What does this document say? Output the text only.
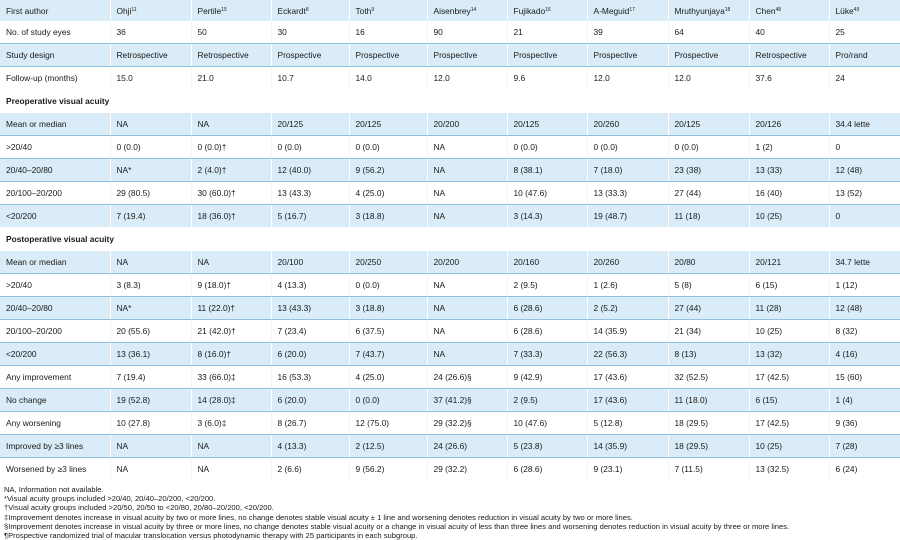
First author	Ohji$^{11}$	Pertile$^{15}$	Eckardt$^8$	Toth$^9$	Aisenbrey$^{14}$	Fujikado$^{16}$	A-Meguid$^{17}$	Mruthyunjaya$^{18}$	Chen$^{48}$	Lüke$^{49}$
No. of study eyes	36	50	30	16	90	21	39	64	40	25
Study design	Retrospective	Retrospective	Prospective	Prospective	Prospective	Prospective	Prospective	Prospective	Retrospective	Pro/rand
Follow-up (months)	15.0	21.0	10.7	14.0	12.0	9.6	12.0	12.0	37.6	24
Preoperative visual acuity										
Mean or median	NA	NA	20/125	20/125	20/200	20/125	20/260	20/125	20/126	34.4 lette
>20/40	0 (0.0)	0 (0.0)†	0 (0.0)	0 (0.0)	NA	0 (0.0)	0 (0.0)	0 (0.0)	1 (2)	0
20/40–20/80	NA*	2 (4.0)†	12 (40.0)	9 (56.2)	NA	8 (38.1)	7 (18.0)	23 (38)	13 (33)	12 (48)
20/100–20/200	29 (80.5)	30 (60.0)†	13 (43.3)	4 (25.0)	NA	10 (47.6)	13 (33.3)	27 (44)	16 (40)	13 (52)
<20/200	7 (19.4)	18 (36.0)†	5 (16.7)	3 (18.8)	NA	3 (14.3)	19 (48.7)	11 (18)	10 (25)	0
Postoperative visual acuity										
Mean or median	NA	NA	20/100	20/250	20/200	20/160	20/260	20/80	20/121	34.7 lette
>20/40	3 (8.3)	9 (18.0)†	4 (13.3)	0 (0.0)	NA	2 (9.5)	1 (2.6)	5 (8)	6 (15)	1 (12)
20/40–20/80	NA*	11 (22.0)†	13 (43.3)	3 (18.8)	NA	6 (28.6)	2 (5.2)	27 (44)	11 (28)	12 (48)
20/100–20/200	20 (55.6)	21 (42.0)†	7 (23.4)	6 (37.5)	NA	6 (28.6)	14 (35.9)	21 (34)	10 (25)	8 (32)
<20/200	13 (36.1)	8 (16.0)†	6 (20.0)	7 (43.7)	NA	7 (33.3)	22 (56.3)	8 (13)	13 (32)	4 (16)
Any improvement	7 (19.4)	33 (66.0)‡	16 (53.3)	4 (25.0)	24 (26.6)§	9 (42.9)	17 (43.6)	32 (52.5)	17 (42.5)	15 (60)
No change	19 (52.8)	14 (28.0)‡	6 (20.0)	0 (0.0)	37 (41.2)§	2 (9.5)	17 (43.6)	11 (18.0)	6 (15)	1 (4)
Any worsening	10 (27.8)	3 (6.0)‡	8 (26.7)	12 (75.0)	29 (32.2)§	10 (47.6)	5 (12.8)	18 (29.5)	17 (42.5)	9 (36)
Improved by ≥3 lines	NA	NA	4 (13.3)	2 (12.5)	24 (26.6)	5 (23.8)	14 (35.9)	18 (29.5)	10 (25)	7 (28)
Worsened by ≥3 lines	NA	NA	2 (6.6)	9 (56.2)	29 (32.2)	6 (28.6)	9 (23.1)	7 (11.5)	13 (32.5)	6 (24)
NA, Information not available.
*Visual acuity groups included >20/40, 20/40–20/200, <20/200.
†Visual acuity groups included >20/50, 20/50 to <20/80, 20/80–20/200, <20/200.
‡Improvement denotes increase in visual acuity by two or more lines, no change denotes stable visual acuity ± 1 line and worsening denotes reduction in visual acuity by two or more lines.
§Improvement denotes increase in visual acuity by three or more lines, no change denotes stable visual acuity or a change in visual acuity of less than three lines and worsening denotes reduction in visual acuity by three or more lines.
¶Prospective randomized trial of macular translocation versus photodynamic therapy with 25 participants in each subgroup.
